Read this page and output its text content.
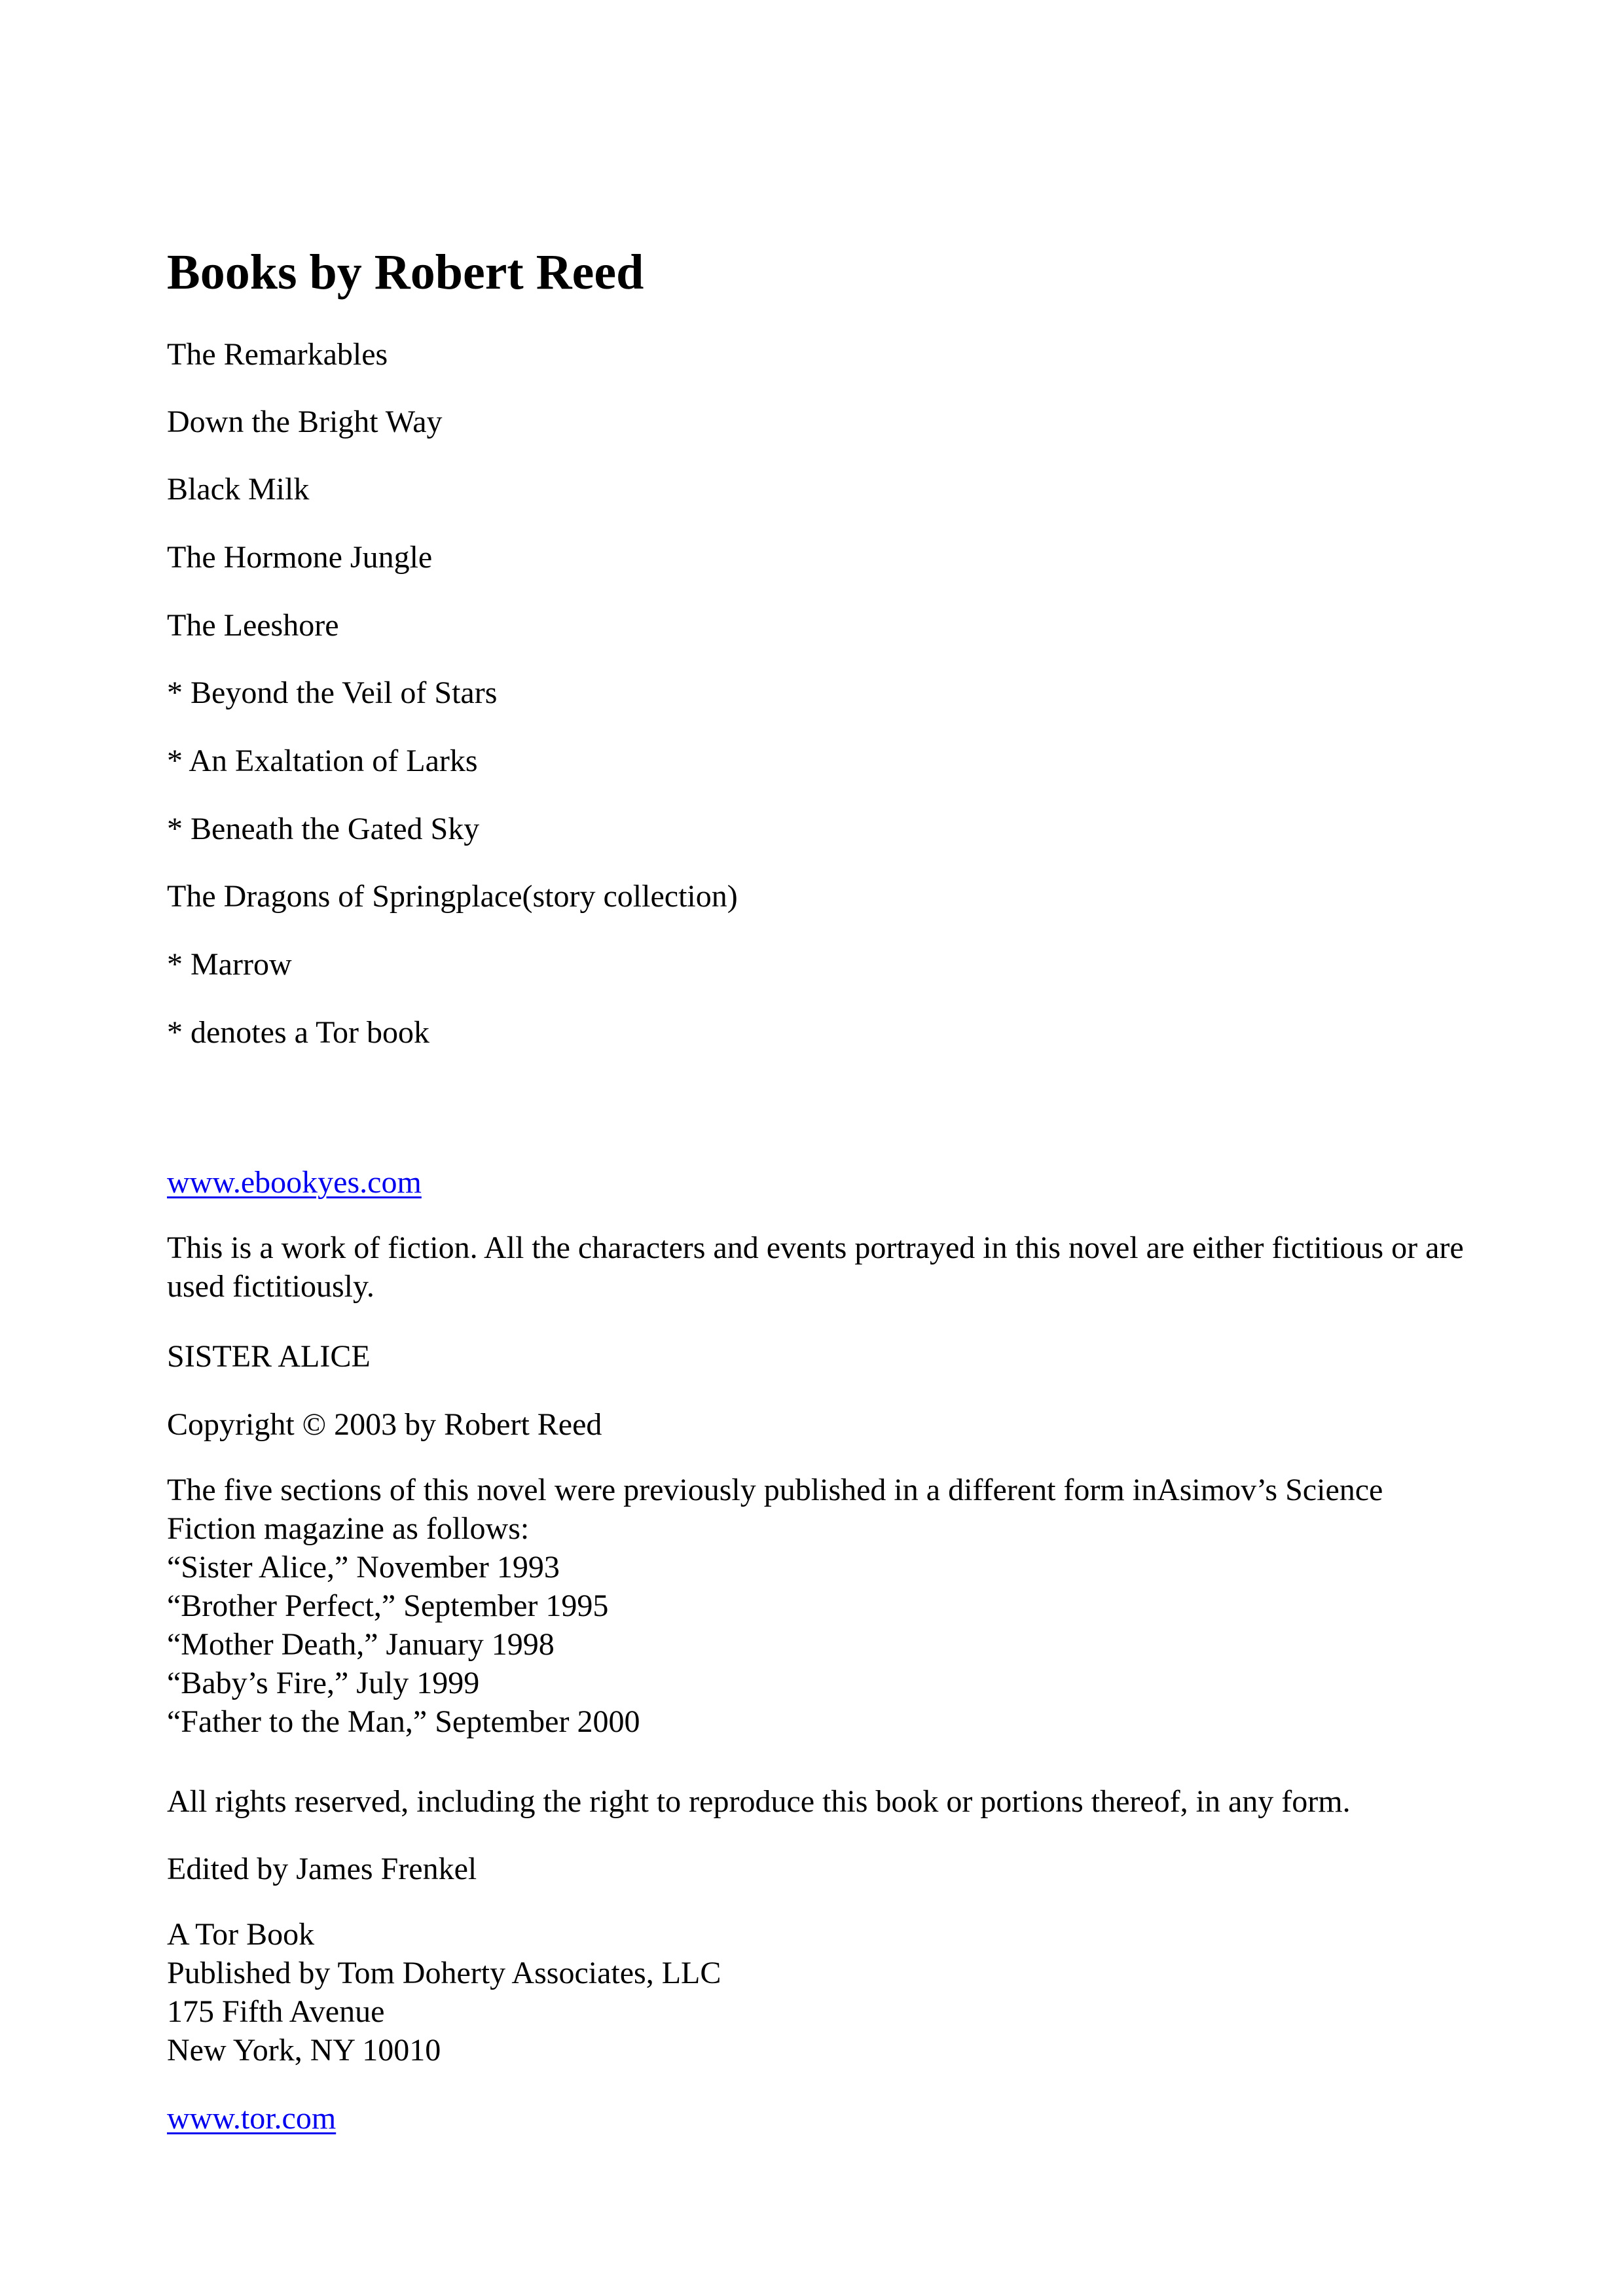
Books by Robert Reed
The Remarkables
Down the Bright Way
Black Milk
The Hormone Jungle
The Leeshore
* Beyond the Veil of Stars
* An Exaltation of Larks
* Beneath the Gated Sky
The Dragons of Springplace(story collection)
* Marrow
* denotes a Tor book
www.ebookyes.com
This is a work of fiction. All the characters and events portrayed in this novel are either fictitious or are used fictitiously.
SISTER ALICE
Copyright © 2003 by Robert Reed
The five sections of this novel were previously published in a different form inAsimov’s Science Fiction magazine as follows:
“Sister Alice,” November 1993
“Brother Perfect,” September 1995
“Mother Death,” January 1998
“Baby’s Fire,” July 1999
“Father to the Man,” September 2000
All rights reserved, including the right to reproduce this book or portions thereof, in any form.
Edited by James Frenkel
A Tor Book
Published by Tom Doherty Associates, LLC
175 Fifth Avenue
New York, NY 10010
www.tor.com
